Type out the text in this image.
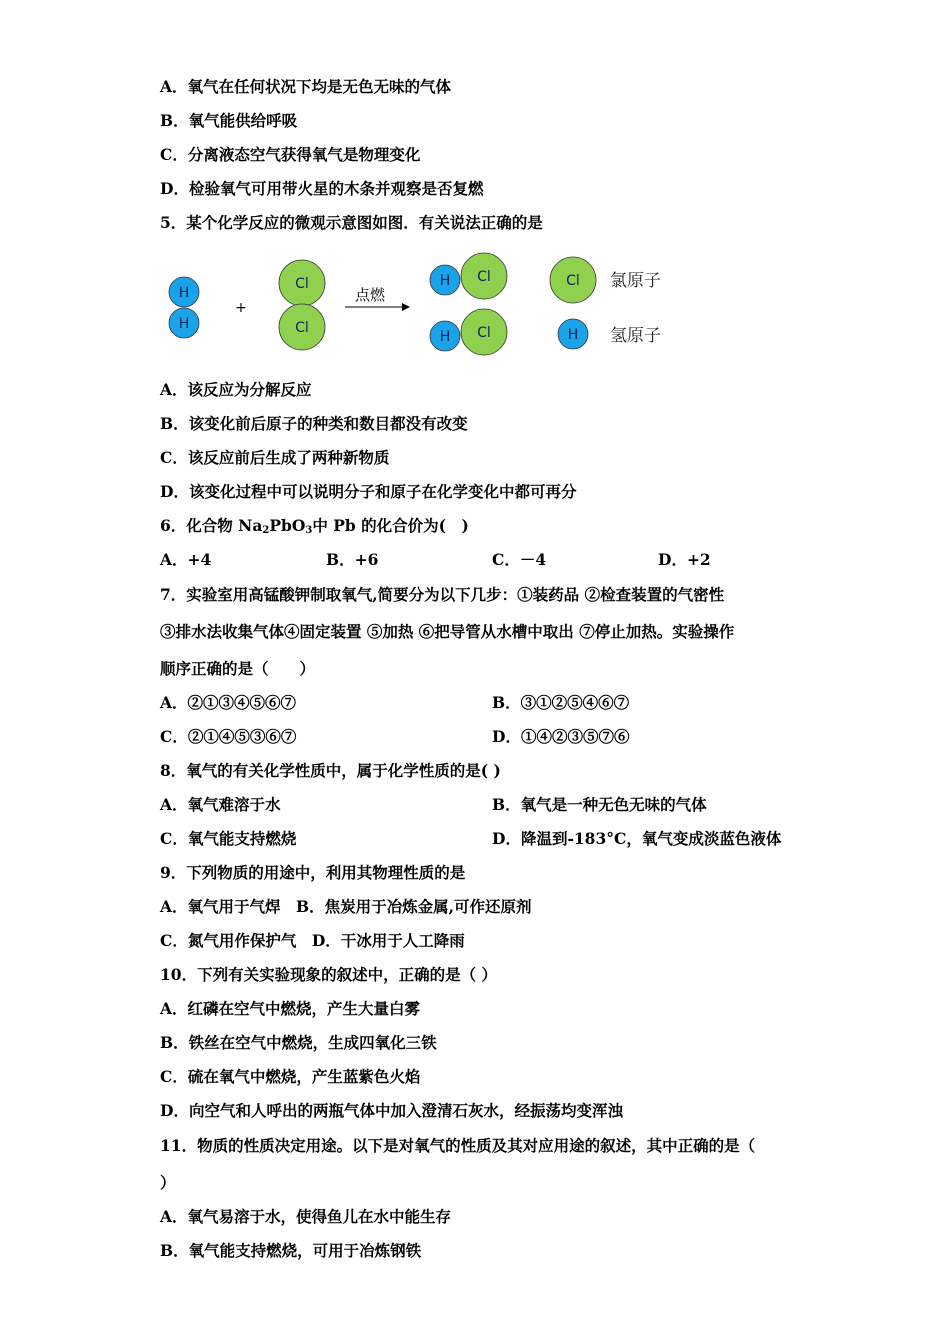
A．氧气在任何状况下均是无色无味的气体
B．氧气能供给呼吸
C．分离液态空气获得氧气是物理变化
D．检验氧气可用带火星的木条并观察是否复燃
5．某个化学反应的微观示意图如图．有关说法正确的是
H
H
+
Cl
Cl
点燃
Cl
H
Cl
H
Cl 氯原子
H 氢原子
A．该反应为分解反应
B．该变化前后原子的种类和数目都没有改变
C．该反应前后生成了两种新物质
D．该变化过程中可以说明分子和原子在化学变化中都可再分
6．化合物 $Na_2PbO_3$中 Pb 的化合价为(　)
A．+4	B．+6	C．－4	D．+2
7．实验室用高锰酸钾制取氧气,简要分为以下几步：①装药品 ②检查装置的气密性
③排水法收集气体④固定装置 ⑤加热 ⑥把导管从水槽中取出 ⑦停止加热。实验操作
顺序正确的是（　　）
A．②①③④⑤⑥⑦	B．③①②⑤④⑥⑦
C．②①④⑤③⑥⑦	D．①④②③⑤⑦⑥
8．氧气的有关化学性质中，属于化学性质的是( )
A．氧气难溶于水	B．氧气是一种无色无味的气体
C．氧气能支持燃烧	D．降温到-183°C，氧气变成淡蓝色液体
9．下列物质的用途中，利用其物理性质的是
A．氧气用于气焊　B．焦炭用于冶炼金属,可作还原剂
C．氮气用作保护气　D．干冰用于人工降雨
10．下列有关实验现象的叙述中，正确的是（ ）
A．红磷在空气中燃烧，产生大量白雾
B．铁丝在空气中燃烧，生成四氧化三铁
C．硫在氧气中燃烧，产生蓝紫色火焰
D．向空气和人呼出的两瓶气体中加入澄清石灰水，经振荡均变浑浊
11．物质的性质决定用途。以下是对氧气的性质及其对应用途的叙述，其中正确的是（
）
A．氧气易溶于水，使得鱼儿在水中能生存
B．氧气能支持燃烧，可用于冶炼钢铁
